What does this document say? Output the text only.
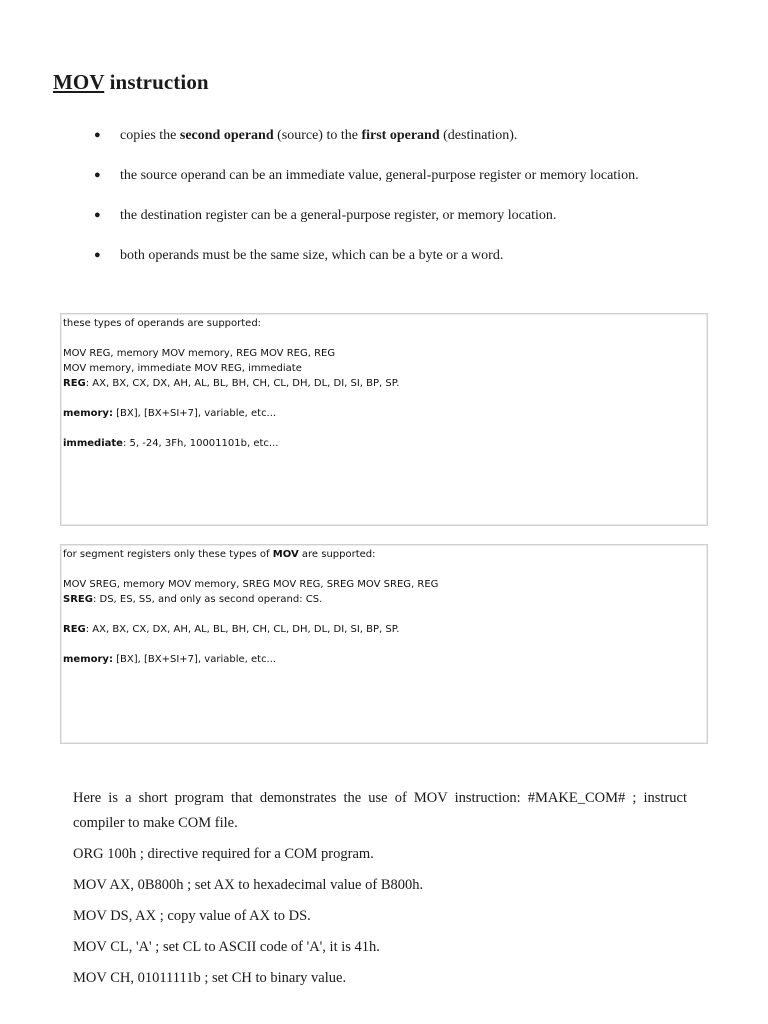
MOV instruction
● copies the second operand (source) to the first operand (destination).
● the source operand can be an immediate value, general-purpose register or memory location.
● the destination register can be a general-purpose register, or memory location.
● both operands must be the same size, which can be a byte or a word.
these types of operands are supported:
MOV REG, memory MOV memory, REG MOV REG, REG
MOV memory, immediate MOV REG, immediate
REG: AX, BX, CX, DX, AH, AL, BL, BH, CH, CL, DH, DL, DI, SI, BP, SP.
memory: [BX], [BX+SI+7], variable, etc...
immediate: 5, -24, 3Fh, 10001101b, etc...
for segment registers only these types of MOV are supported:
MOV SREG, memory MOV memory, SREG MOV REG, SREG MOV SREG, REG
SREG: DS, ES, SS, and only as second operand: CS.
REG: AX, BX, CX, DX, AH, AL, BL, BH, CH, CL, DH, DL, DI, SI, BP, SP.
memory: [BX], [BX+SI+7], variable, etc...

Here is a short program that demonstrates the use of MOV instruction: #MAKE_COM# ; instruct compiler to make COM file.

ORG 100h ; directive required for a COM program.

MOV AX, 0B800h ; set AX to hexadecimal value of B800h.

MOV DS, AX ; copy value of AX to DS.

MOV CL, 'A' ; set CL to ASCII code of 'A', it is 41h.

MOV CH, 01011111b ; set CH to binary value.
